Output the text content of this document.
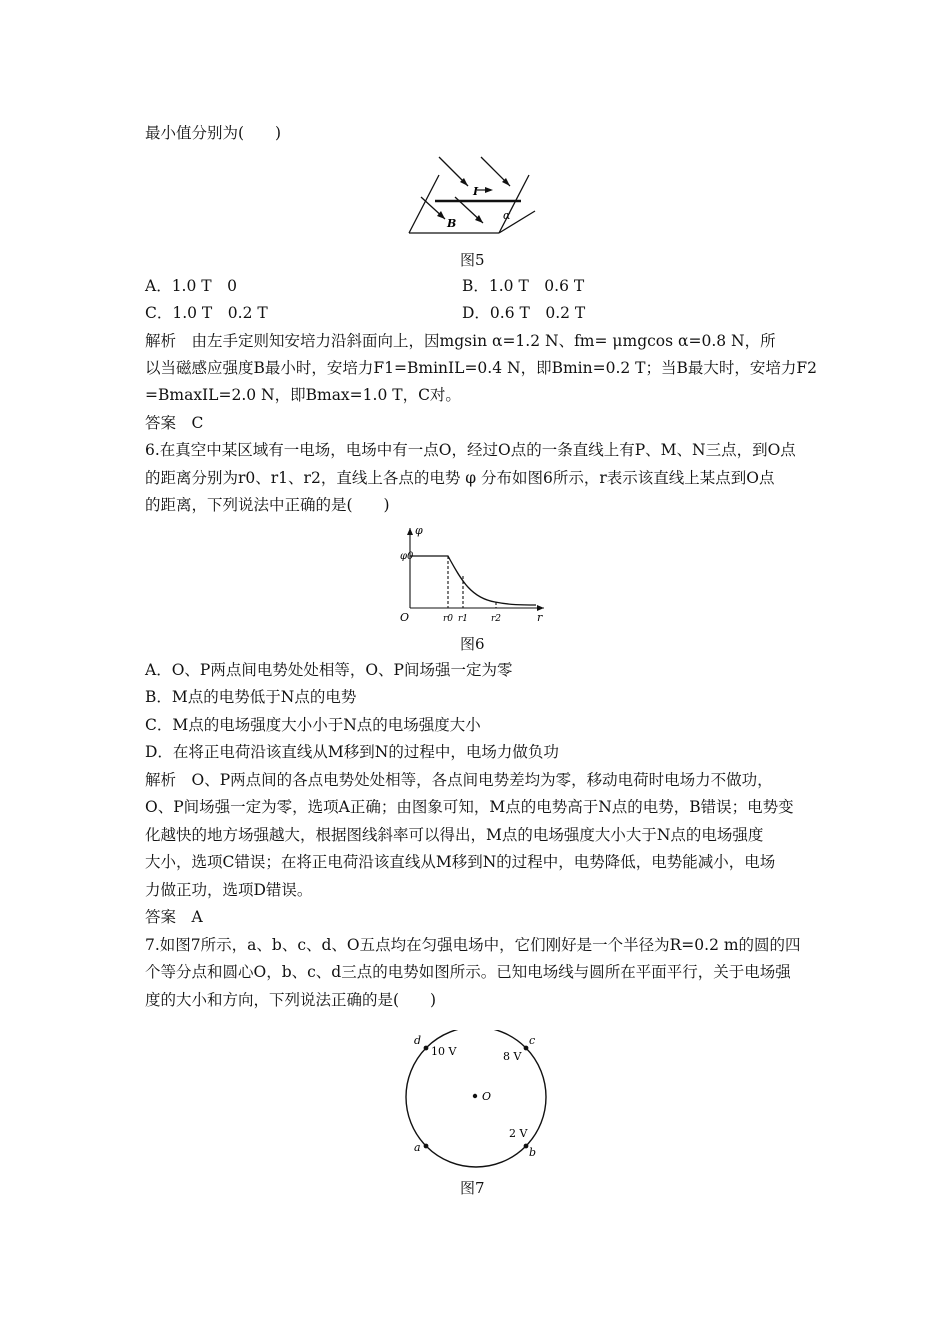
最小值分别为(　　)
I
B
α
图5
A．1.0 T　0	B．1.0 T　0.6 T
C．1.0 T　0.2 T	D．0.6 T　0.2 T
解析　 由左手定则知安培力沿斜面向上，因mgsin α=1.2 N、fm= μmgcos α=0.8 N，所
以当磁感应强度B最小时，安培力F1=BminIL=0.4 N，即Bmin=0.2 T；当B最大时，安培力F2
=BmaxIL=2.0 N，即Bmax=1.0 T，C对。
答案　C
6.在真空中某区域有一电场，电场中有一点O，经过O点的一条直线上有P、M、N三点，到O点
的距离分别为r0、r1、r2，直线上各点的电势 φ 分布如图6所示，r表示该直线上某点到O点
的距离，下列说法中正确的是(　　)
φ
r
O
φ0
r0 r1	r2
图6
A．O、P两点间电势处处相等，O、P间场强一定为零
B．M点的电势低于N点的电势
C．M点的电场强度大小小于N点的电场强度大小
D．在将正电荷沿该直线从M移到N的过程中，电场力做负功
解析　 O、P两点间的各点电势处处相等，各点间电势差均为零，移动电荷时电场力不做功，
O、P间场强一定为零，选项A正确；由图象可知，M点的电势高于N点的电势，B错误；电势变
化越快的地方场强越大，根据图线斜率可以得出，M点的电场强度大小大于N点的电场强度
大小，选项C错误；在将正电荷沿该直线从M移到N的过程中，电势降低，电势能减小，电场
力做正功，选项D错误。
答案　A
7.如图7所示，a、b、c、d、O五点均在匀强电场中，它们刚好是一个半径为R=0.2 m的圆的四
个等分点和圆心O，b、c、d三点的电势如图所示。已知电场线与圆所在平面平行，关于电场强
度的大小和方向，下列说法正确的是(　　)
d	c
a	b
O
10 V	8 V
2 V
图7
